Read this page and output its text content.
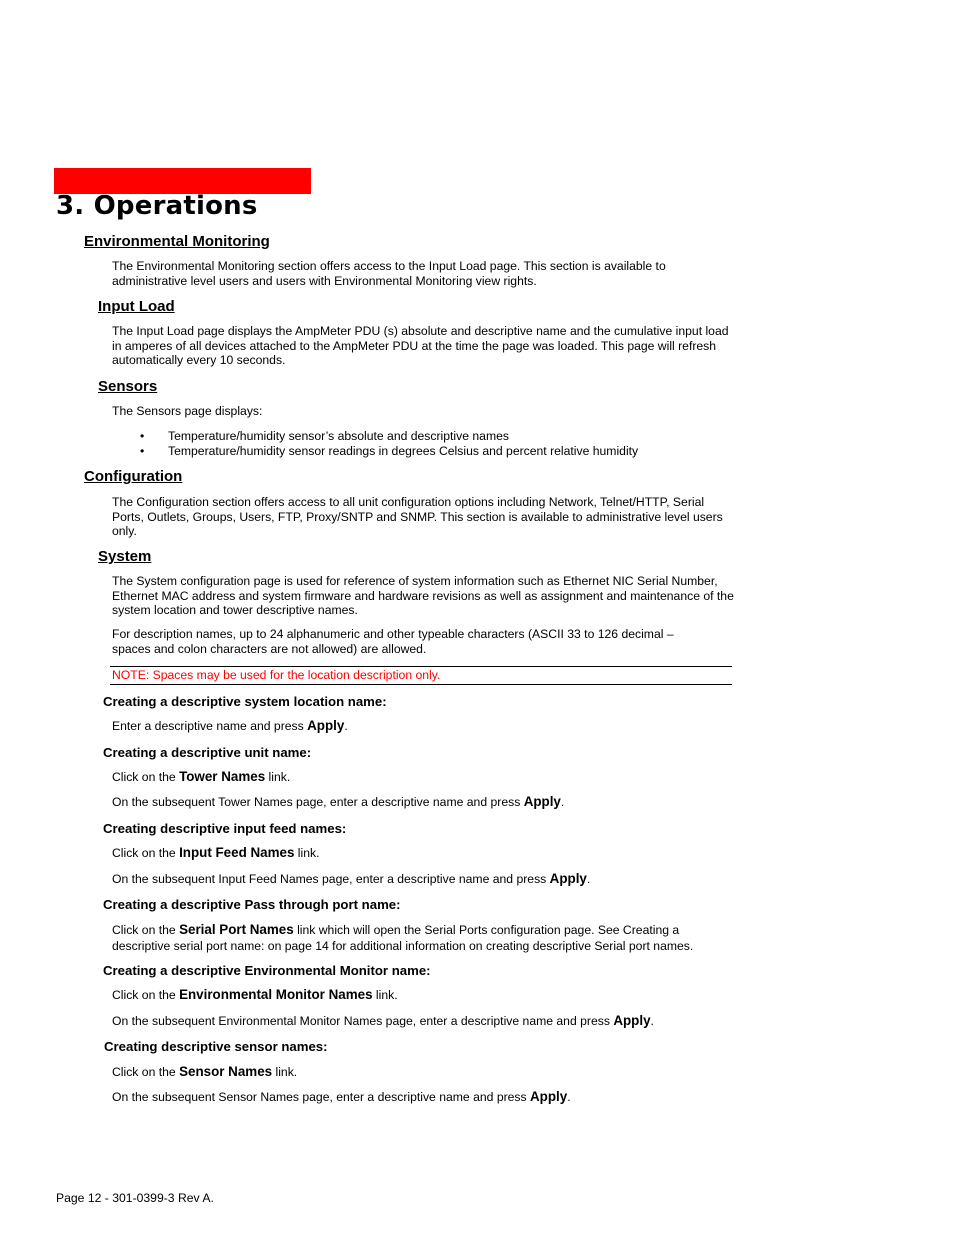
3. Operations
Environmental Monitoring
The Environmental Monitoring section offers access to the Input Load page. This section is available to administrative level users and users with Environmental Monitoring view rights.
Input Load
The Input Load page displays the AmpMeter PDU (s) absolute and descriptive name and the cumulative input load in amperes of all devices attached to the AmpMeter PDU at the time the page was loaded. This page will refresh automatically every 10 seconds.
Sensors
The Sensors page displays:
• Temperature/humidity sensor’s absolute and descriptive names
• Temperature/humidity sensor readings in degrees Celsius and percent relative humidity
Configuration
The Configuration section offers access to all unit configuration options including Network, Telnet/HTTP, Serial Ports, Outlets, Groups, Users, FTP, Proxy/SNTP and SNMP. This section is available to administrative level users only.
System
The System configuration page is used for reference of system information such as Ethernet NIC Serial Number, Ethernet MAC address and system firmware and hardware revisions as well as assignment and maintenance of the system location and tower descriptive names.
For description names, up to 24 alphanumeric and other typeable characters (ASCII 33 to 126 decimal – spaces and colon characters are not allowed) are allowed.
NOTE: Spaces may be used for the location description only.
Creating a descriptive system location name:
Enter a descriptive name and press Apply.
Creating a descriptive unit name:
Click on the Tower Names link.
On the subsequent Tower Names page, enter a descriptive name and press Apply.
Creating descriptive input feed names:
Click on the Input Feed Names link.
On the subsequent Input Feed Names page, enter a descriptive name and press Apply.
Creating a descriptive Pass through port name:
Click on the Serial Port Names link which will open the Serial Ports configuration page. See Creating a
descriptive serial port name: on page 14 for additional information on creating descriptive Serial port names.
Creating a descriptive Environmental Monitor name:
Click on the Environmental Monitor Names link.
On the subsequent Environmental Monitor Names page, enter a descriptive name and press Apply.
Creating descriptive sensor names:
Click on the Sensor Names link.
On the subsequent Sensor Names page, enter a descriptive name and press Apply.
Page 12 - 301-0399-3 Rev A.
